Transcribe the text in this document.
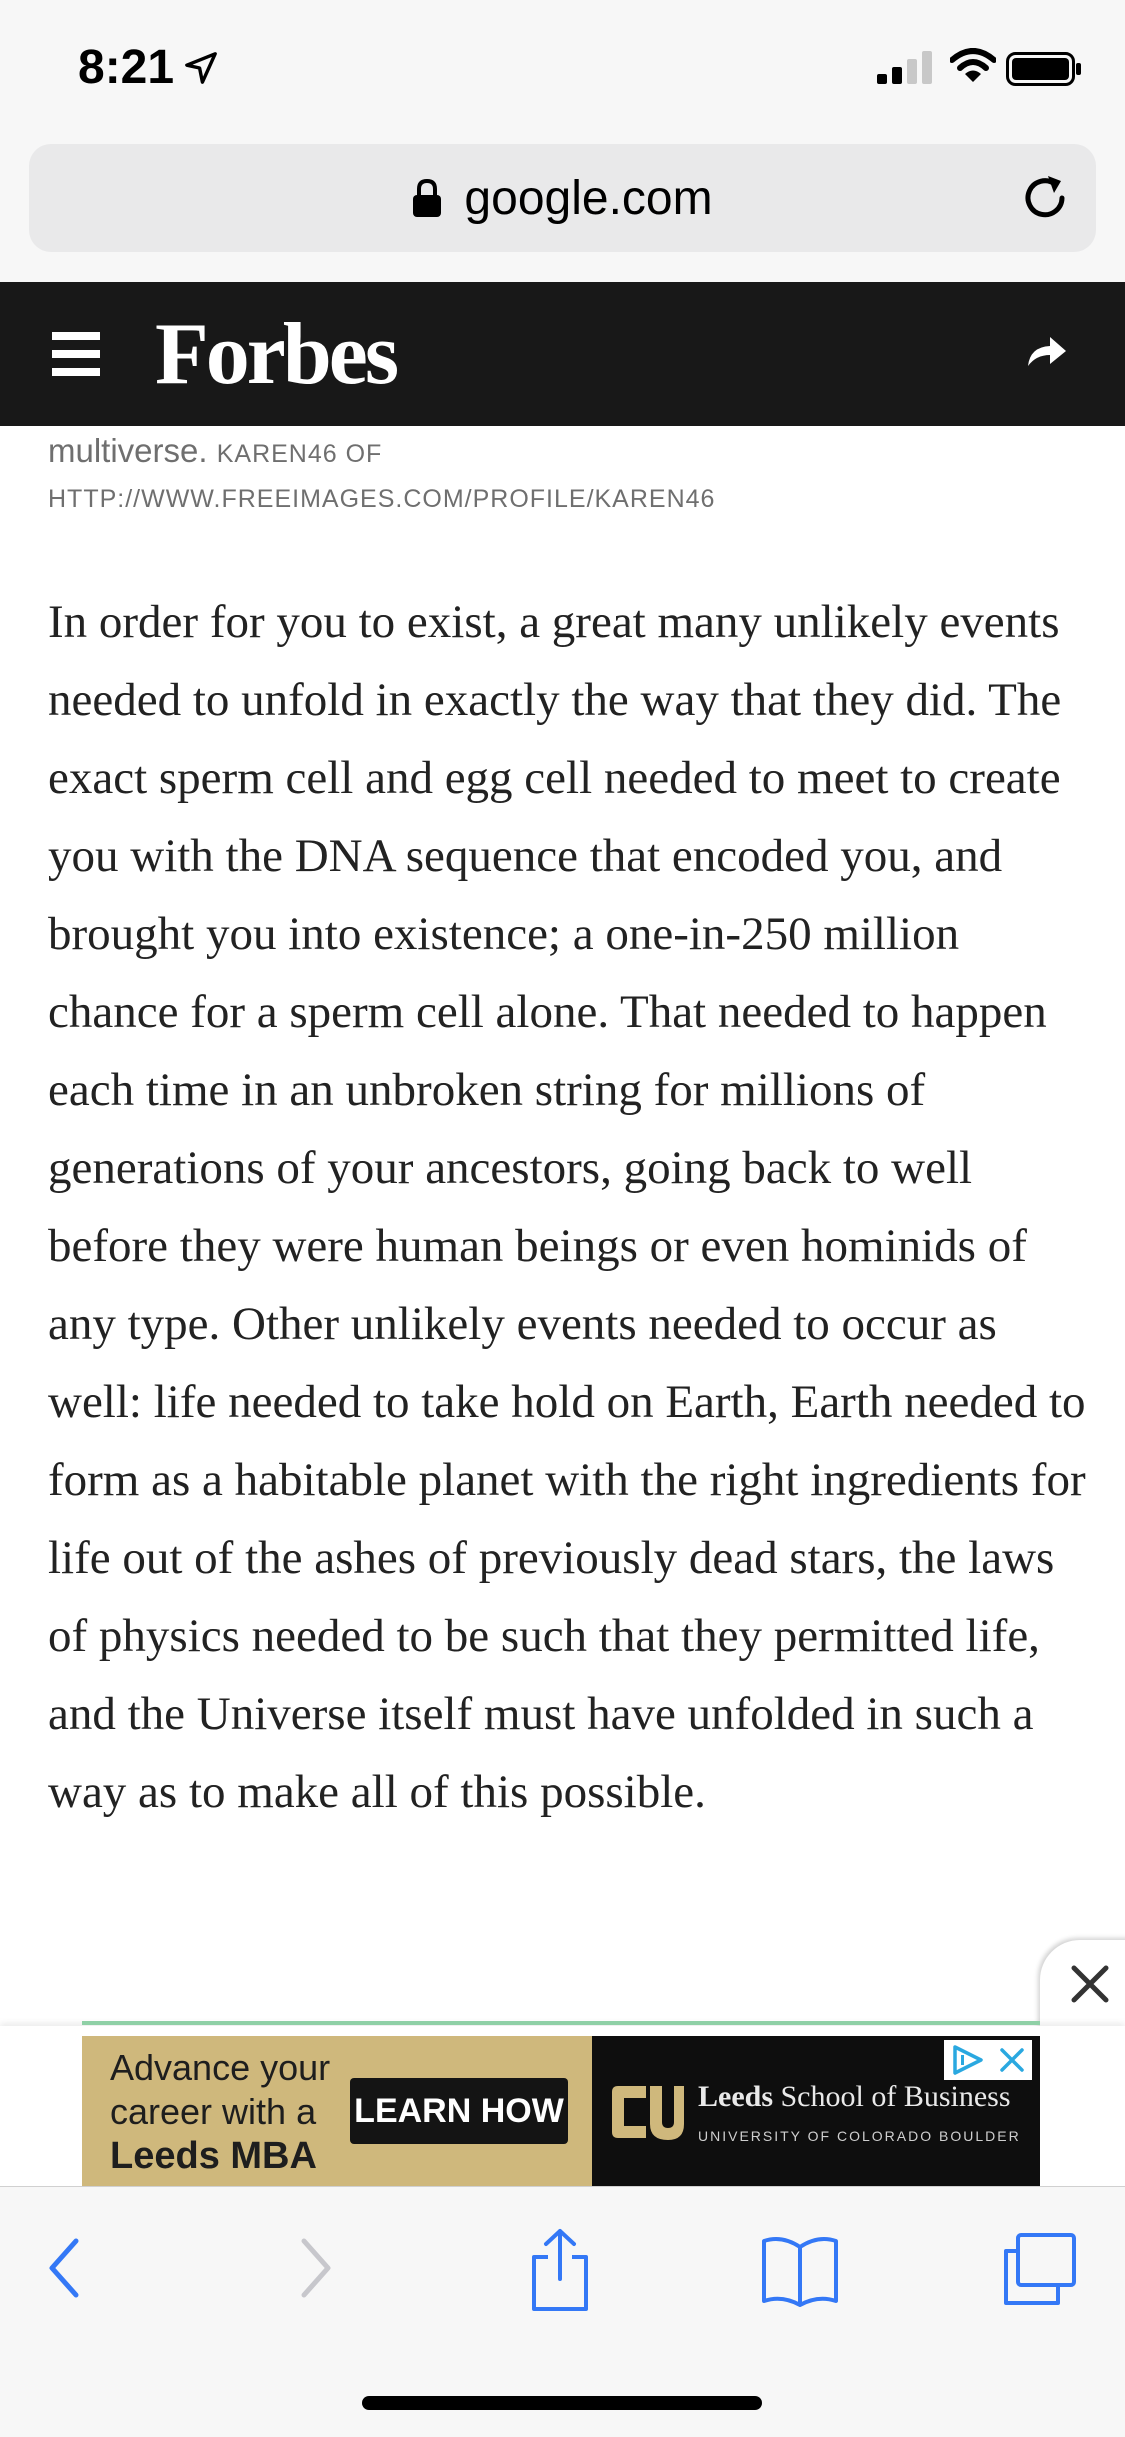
8:21
google.com
Forbes
multiverse. KAREN46 OF
HTTP://WWW.FREEIMAGES.COM/PROFILE/KAREN46

In order for you to exist, a great many unlikely events needed to unfold in exactly the way that they did. The exact sperm cell and egg cell needed to meet to create you with the DNA sequence that encoded you, and brought you into existence; a one-in-250 million chance for a sperm cell alone. That needed to happen each time in an unbroken string for millions of generations of your ancestors, going back to well before they were human beings or even hominids of any type. Other unlikely events needed to occur as well: life needed to take hold on Earth, Earth needed to form as a habitable planet with the right ingredients for life out of the ashes of previously dead stars, the laws of physics needed to be such that they permitted life, and the Universe itself must have unfolded in such a way as to make all of this possible.

Advance your
career with a
Leeds MBA
LEARN HOW	Leeds School of Business
UNIVERSITY OF COLORADO BOULDER
